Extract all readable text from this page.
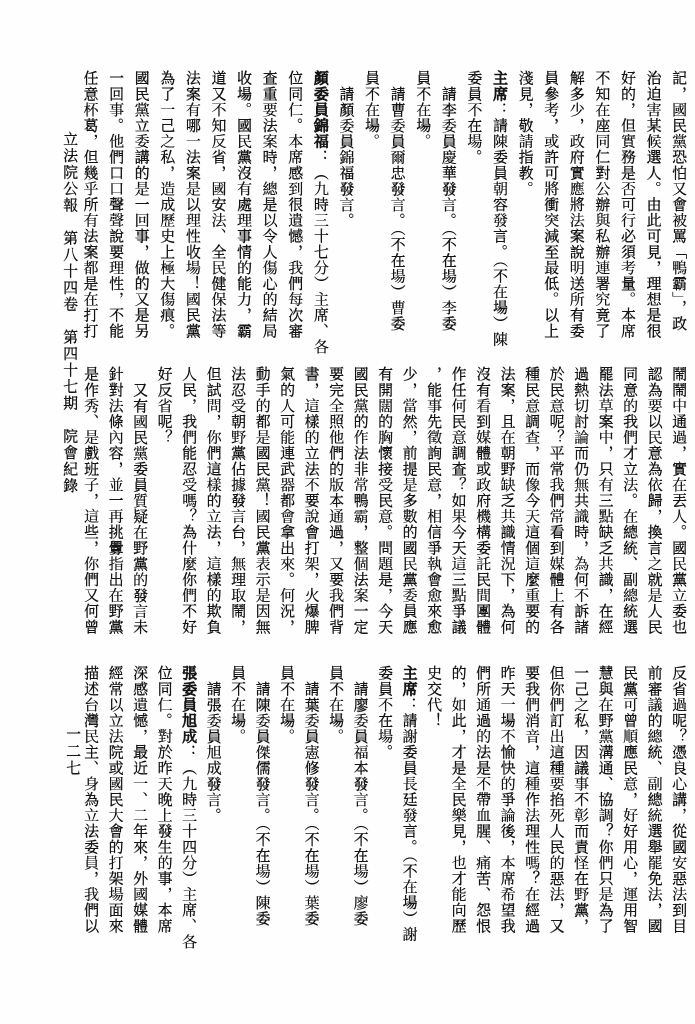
立法院公報　第八十四卷　第四十七期　院會紀錄
一二七
記，國民黨恐怕又會被罵「鴨霸」，政
治迫害某候選人。由此可見，理想是很
好的，但實務是否可行必須考量。本席
不知在座同仁對公辦與私辦連署究竟了
解多少，政府實應將法案說明送所有委
員參考，或許可將衝突減至最低。以上
淺見，敬請指教。
主席：請陳委員朝容發言。（不在場）陳
委員不在場。
請李委員慶華發言。（不在場）李委
員不在場。
請曹委員爾忠發言。（不在場）曹委
員不在場。
請顏委員錦福發言。
顏委員錦福：（九時三十七分）主席、各
位同仁。本席感到很遺憾，我們每次審
查重要法案時，總是以令人傷心的結局
收場。國民黨沒有處理事情的能力，霸
道又不知反省，國安法、全民健保法等
法案有哪一法案是以理性收場！國民黨
為了一己之私，造成歷史上極大傷痕。
國民黨立委講的是一回事，做的又是另
一回事。他們口口聲聲說要理性，不能
任意杯葛，但幾乎所有法案都是在打打
鬧鬧中通過，實在丟人。國民黨立委也
認為要以民意為依歸，換言之就是人民
同意的我們才立法。在總統、副總統選
罷法草案中，只有三點缺乏共識，在經
過熱切討論而仍無共識時，為何不訴諸
於民意呢？平常我們常看到媒體上有各
種民意調查，而像今天這個這麼重要的
法案，且在朝野缺乏共識情況下，為何
沒有看到媒體或政府機構委託民間團體
作任何民意調查？如果今天這三點爭議
，能事先徵詢民意，相信爭執會愈來愈
少，當然，前提是多數的國民黨委員應
有開闊的胸懷接受民意。問題是，今天
國民黨的作法非常鴨霸，整個法案一定
要完全照他們的版本通過，又要我們背
書，這樣的立法不要說會打架，火爆脾
氣的人可能連武器都會拿出來。何況，
動手的都是國民黨！國民黨表示是因無
法忍受朝野黨佔據發言台，無理取鬧，
但試問，你們這樣的立法，這樣的欺負
人民，我們能忍受嗎？為什麼你們不好
好反省呢？
又有國民黨委員質疑在野黨的發言未
針對法條內容，並一再挑釁指出在野黨
是作秀、是戲班子，這些，你們又何曾
反省過呢？憑良心講，從國安惡法到目
前審議的總統、副總統選舉罷免法，國
民黨可曾順應民意，好好用心，運用智
慧與在野黨溝通、協調？你們只是為了
一己之私，因議事不彰而責怪在野黨，
但你們訂出這種要掐死人民的惡法，又
要我們消音，這種作法理性嗎？在經過
昨天一場不愉快的爭論後，本席希望我
們所通過的法是不帶血腥、痛苦、怨恨
的，如此，才是全民樂見，也才能向歷
史交代！
主席：請謝委員長廷發言。（不在場）謝
委員不在場。
請廖委員福本發言。（不在場）廖委
員不在場。
請葉委員憲修發言。（不在場）葉委
員不在場。
請陳委員傑儒發言。（不在場）陳委
員不在場。
請張委員旭成發言。
張委員旭成：（九時三十四分）主席、各
位同仁。對於昨天晚上發生的事，本席
深感遺憾，最近一、二年來，外國媒體
經常以立法院或國民大會的打架場面來
描述台灣民主、身為立法委員，我們以
